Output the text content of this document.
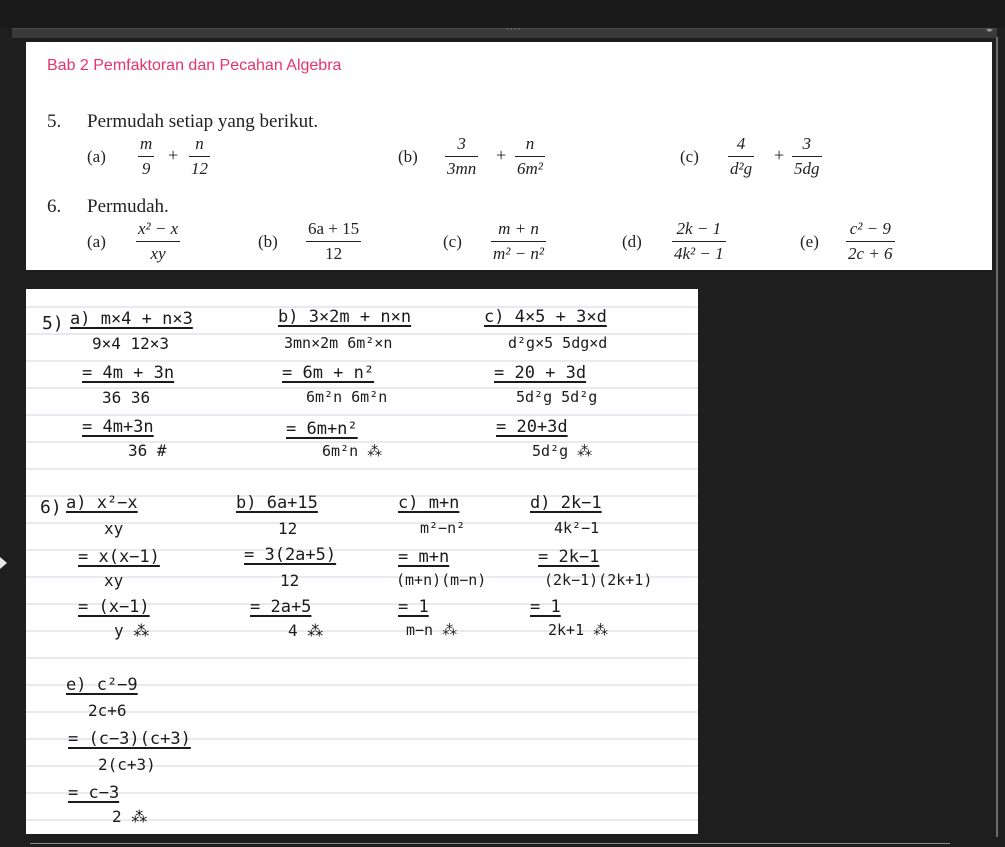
····	◂▸
Bab 2 Pemfaktoran dan Pecahan Algebra
5. Permudah setiap yang berikut.
(a)
m
9
+
n
12
(b)
3
3mn
+
n
6m²
(c)
4
d²g
+
3
5dg
6. Permudah.
(a)
x² − x
xy
(b)
6a + 15
12
(c)
m + n
m² − n²
(d)
2k − 1
4k² − 1
(e)
c² − 9
2c + 6
5) a) m×4 + n×3
9×4 12×3
= 4m + 3n
36 36
= 4m+3n
36 #
b) 3×2m + n×n
3mn×2m 6m²×n
= 6m + n²
6m²n 6m²n
= 6m+n²
6m²n ⁂
c) 4×5 + 3×d
d²g×5 5dg×d
= 20 + 3d
5d²g 5d²g
= 20+3d
5d²g ⁂
6) a) x²−x
xy
= x(x−1)
xy
= (x−1)
y ⁂
b) 6a+15
12
= 3(2a+5)
12
= 2a+5
4 ⁂
c) m+n
m²−n²
= m+n
(m+n)(m−n)
= 1
m−n ⁂
d) 2k−1
4k²−1
= 2k−1
(2k−1)(2k+1)
= 1
2k+1 ⁂
e) c²−9
2c+6
= (c−3)(c+3)
2(c+3)
= c−3
2 ⁂
